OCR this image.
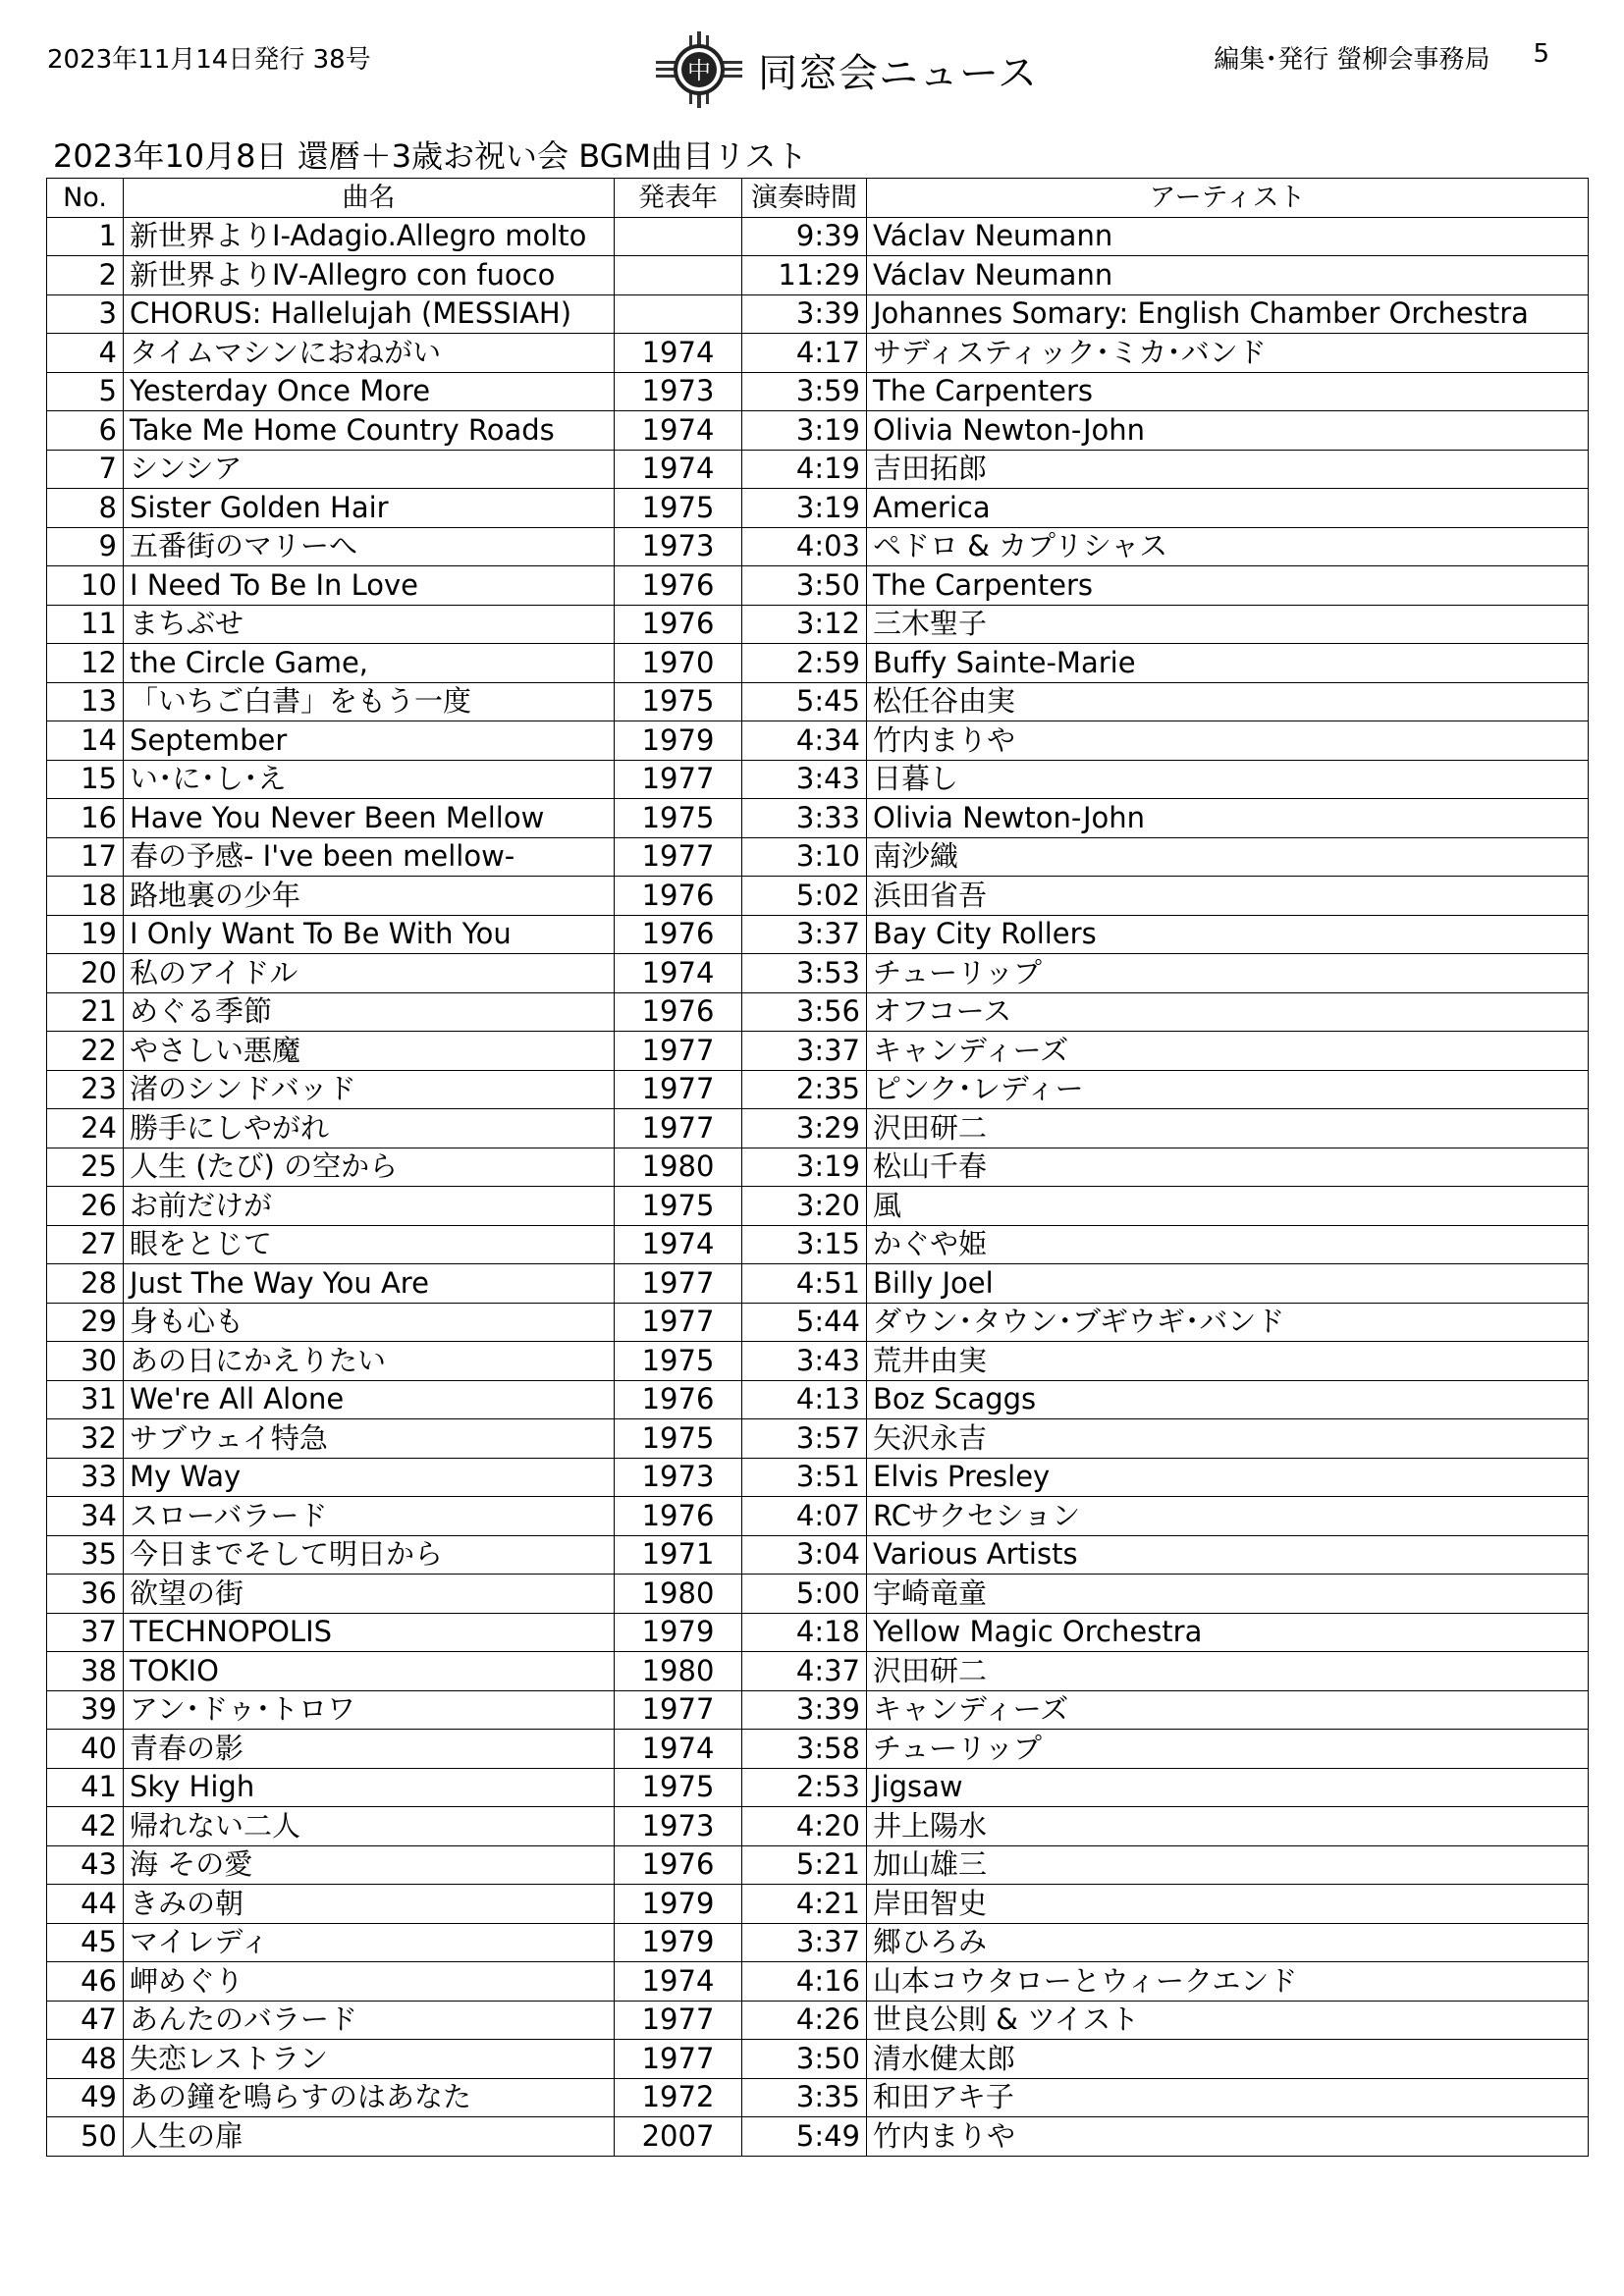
2023年11月14日発行 38号	中 同窓会ニュース	編集･発行 螢柳会事務局 5
2023年10月8日 還暦＋3歳お祝い会 BGM曲目リスト
No.	曲名	発表年	演奏時間	アーティスト
1	新世界よりⅠ-Adagio.Allegro molto		9:39	Václav Neumann
2	新世界よりⅣ-Allegro con fuoco		11:29	Václav Neumann
3	CHORUS: Hallelujah (MESSIAH)		3:39	Johannes Somary: English Chamber Orchestra
4	タイムマシンにおねがい	1974	4:17	サディスティック･ミカ･バンド
5	Yesterday Once More	1973	3:59	The Carpenters
6	Take Me Home Country Roads	1974	3:19	Olivia Newton-John
7	シンシア	1974	4:19	吉田拓郎
8	Sister Golden Hair	1975	3:19	America
9	五番街のマリーへ	1973	4:03	ペドロ & カプリシャス
10	I Need To Be In Love	1976	3:50	The Carpenters
11	まちぶせ	1976	3:12	三木聖子
12	the Circle Game,	1970	2:59	Buffy Sainte-Marie
13	「いちご白書」をもう一度	1975	5:45	松任谷由実
14	September	1979	4:34	竹内まりや
15	い･に･し･え	1977	3:43	日暮し
16	Have You Never Been Mellow	1975	3:33	Olivia Newton-John
17	春の予感- I've been mellow-	1977	3:10	南沙織
18	路地裏の少年	1976	5:02	浜田省吾
19	I Only Want To Be With You	1976	3:37	Bay City Rollers
20	私のアイドル	1974	3:53	チューリップ
21	めぐる季節	1976	3:56	オフコース
22	やさしい悪魔	1977	3:37	キャンディーズ
23	渚のシンドバッド	1977	2:35	ピンク･レディー
24	勝手にしやがれ	1977	3:29	沢田研二
25	人生 (たび) の空から	1980	3:19	松山千春
26	お前だけが	1975	3:20	風
27	眼をとじて	1974	3:15	かぐや姫
28	Just The Way You Are	1977	4:51	Billy Joel
29	身も心も	1977	5:44	ダウン･タウン･ブギウギ･バンド
30	あの日にかえりたい	1975	3:43	荒井由実
31	We're All Alone	1976	4:13	Boz Scaggs
32	サブウェイ特急	1975	3:57	矢沢永吉
33	My Way	1973	3:51	Elvis Presley
34	スローバラード	1976	4:07	RCサクセション
35	今日までそして明日から	1971	3:04	Various Artists
36	欲望の街	1980	5:00	宇崎竜童
37	TECHNOPOLIS	1979	4:18	Yellow Magic Orchestra
38	TOKIO	1980	4:37	沢田研二
39	アン･ドゥ･トロワ	1977	3:39	キャンディーズ
40	青春の影	1974	3:58	チューリップ
41	Sky High	1975	2:53	Jigsaw
42	帰れない二人	1973	4:20	井上陽水
43	海 その愛	1976	5:21	加山雄三
44	きみの朝	1979	4:21	岸田智史
45	マイレディ	1979	3:37	郷ひろみ
46	岬めぐり	1974	4:16	山本コウタローとウィークエンド
47	あんたのバラード	1977	4:26	世良公則 & ツイスト
48	失恋レストラン	1977	3:50	清水健太郎
49	あの鐘を鳴らすのはあなた	1972	3:35	和田アキ子
50	人生の扉	2007	5:49	竹内まりや
